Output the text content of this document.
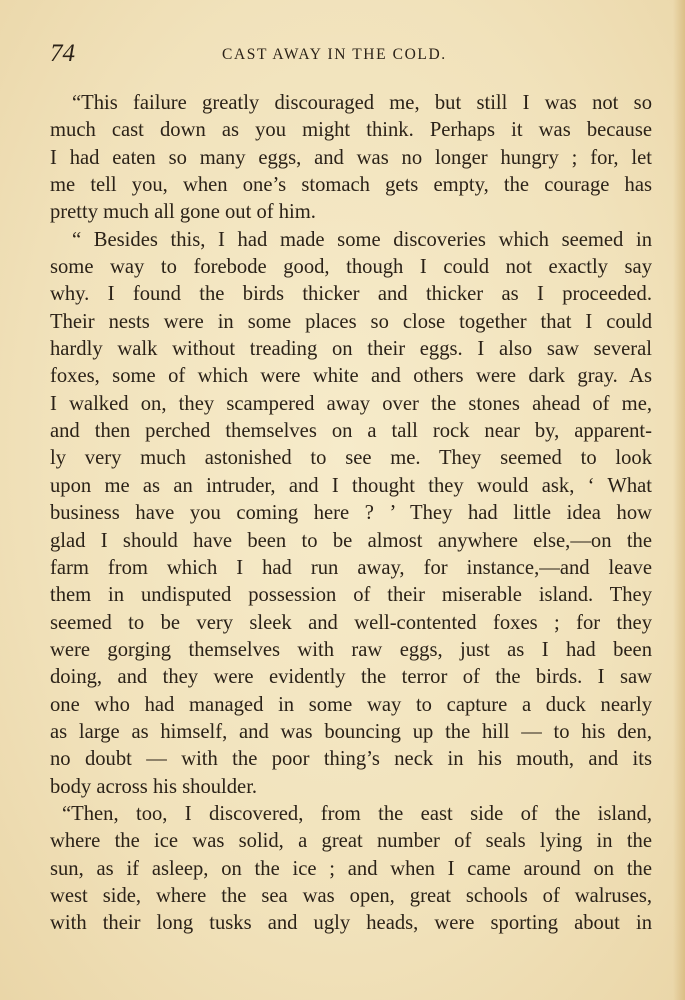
74	CAST AWAY IN THE COLD.
“This failure greatly discouraged me, but still I was not so
much cast down as you might think. Perhaps it was because
I had eaten so many eggs, and was no longer hungry ; for, let
me tell you, when one’s stomach gets empty, the courage has
pretty much all gone out of him.
“ Besides this, I had made some discoveries which seemed in
some way to forebode good, though I could not exactly say
why. I found the birds thicker and thicker as I proceeded.
Their nests were in some places so close together that I could
hardly walk without treading on their eggs. I also saw several
foxes, some of which were white and others were dark gray. As
I walked on, they scampered away over the stones ahead of me,
and then perched themselves on a tall rock near by, apparent-
ly very much astonished to see me. They seemed to look
upon me as an intruder, and I thought they would ask, ‘ What
business have you coming here ? ’ They had little idea how
glad I should have been to be almost anywhere else,—on the
farm from which I had run away, for instance,—and leave
them in undisputed possession of their miserable island. They
seemed to be very sleek and well-contented foxes ; for they
were gorging themselves with raw eggs, just as I had been
doing, and they were evidently the terror of the birds. I saw
one who had managed in some way to capture a duck nearly
as large as himself, and was bouncing up the hill — to his den,
no doubt — with the poor thing’s neck in his mouth, and its
body across his shoulder.
“Then, too, I discovered, from the east side of the island,
where the ice was solid, a great number of seals lying in the
sun, as if asleep, on the ice ; and when I came around on the
west side, where the sea was open, great schools of walruses,
with their long tusks and ugly heads, were sporting about in
